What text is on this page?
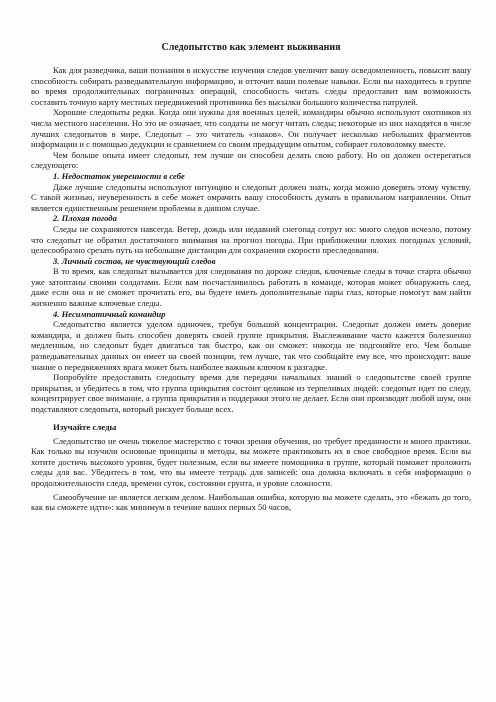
Следопытство как элемент выживания

Как для разведчика, ваши познания в искусстве изучения следов увеличит вашу осведомленность, повысит вашу способность собирать разведывательную информацию, и отточит ваши полевые навыки. Если вы находитесь в группе во время продолжительных пограничных операций, способность читать следы предоставит вам возможность составить точную карту местных передвижений противника без высылки большого количества патрулей.

Хорошие следопыты редки. Когда они нужны для военных целей, командиры обычно используют охотников из числа местного населения. Но это не означает, что солдаты не могут читать следы; некоторые из них находятся в числе лучших следопытов в мире. Следопыт – это читатель «знаков». Он получает несколько небольших фрагментов информации и с помощью дедукции и сравнением со своим предыдущим опытом, собирает головоломку вместе.

Чем больше опыта имеет следопыт, тем лучше он способен делать свою работу. Но он должен остерегаться следующего:

1. Недостаток уверенности в себе

Даже лучшие следопыты используют интуицию и следопыт должен знать, когда можно доверять этому чувству. С такой жизнью, неуверенность в себе может омрачить вашу способность думать в правильном направлении. Опыт является единственным решением проблемы в данном случае.

2. Плохая погода

Следы не сохраняются навсегда. Ветер, дождь или недавний снегопад сотрут их: много следов исчезло, потому что следопыт не обратил достаточного внимания на прогноз погоды. При приближении плохих погодных условий, целесообразно срезать путь на небольшие дистанции для сохранения скорости преследования.

3. Личный состав, не чувствующий следов

В то время, как следопыт вызывается для следования по дороже следов, ключевые следы в точке старта обычно уже затоптаны своими солдатами. Если вам посчастливилось работать в команде, которая может обнаружить след, даже если она и не сможет прочитать его, вы будете иметь дополнительные пары глаз, которые помогут вам найти жизненно важные ключевые следы.

4. Несимпатичный командир

Следопытство является уделом одиночек, требуя большой концентрации. Следопыт должен иметь доверие командира, и должен быть способен доверять своей группе прикрытия. Выслеживание часто кажется болезненно медленным, но следопыт будет двигаться так быстро, как он сможет: никогда не подгоняйте его. Чем больше разведывательных данных он имеет на своей позиции, тем лучше, так что сообщайте ему все, что происходит: ваше знание о передвижениях врага может быть наиболее важным ключом к разгадке.

Попробуйте предоставить следопыту время для передачи начальных знаний о следопытстве своей группе прикрытия, и убедитесь в том, что группа прикрытия состоит целиком из терпеливых людей: следопыт идет по следу, концентрирует свое внимание, а группа прикрытия и поддержки этого не делает. Если они производят любой шум, они подставляют следопыта, который рискует больше всех.

Изучайте следы

Следопытство не очень тяжелое мастерство с точки зрения обучения, но требует преданности и много практики. Как только вы изучили основные принципы и методы, вы можете практиковать их в свое свободное время. Если вы хотите достичь высокого уровня, будет полезным, если вы имеете помощника в группе, который поможет проложить следы для вас. Убедитесь в том, что вы имеете тетрадь для записей: она должна включать в себя информацию о продолжительности следа, времени суток, состоянии грунта, и уровне сложности.

Самообучение не является легким делом. Наибольшая ошибка, которую вы можете сделать, это «бежать до того, как вы сможете идти»: как минимум в течение ваших первых 50 часов,
